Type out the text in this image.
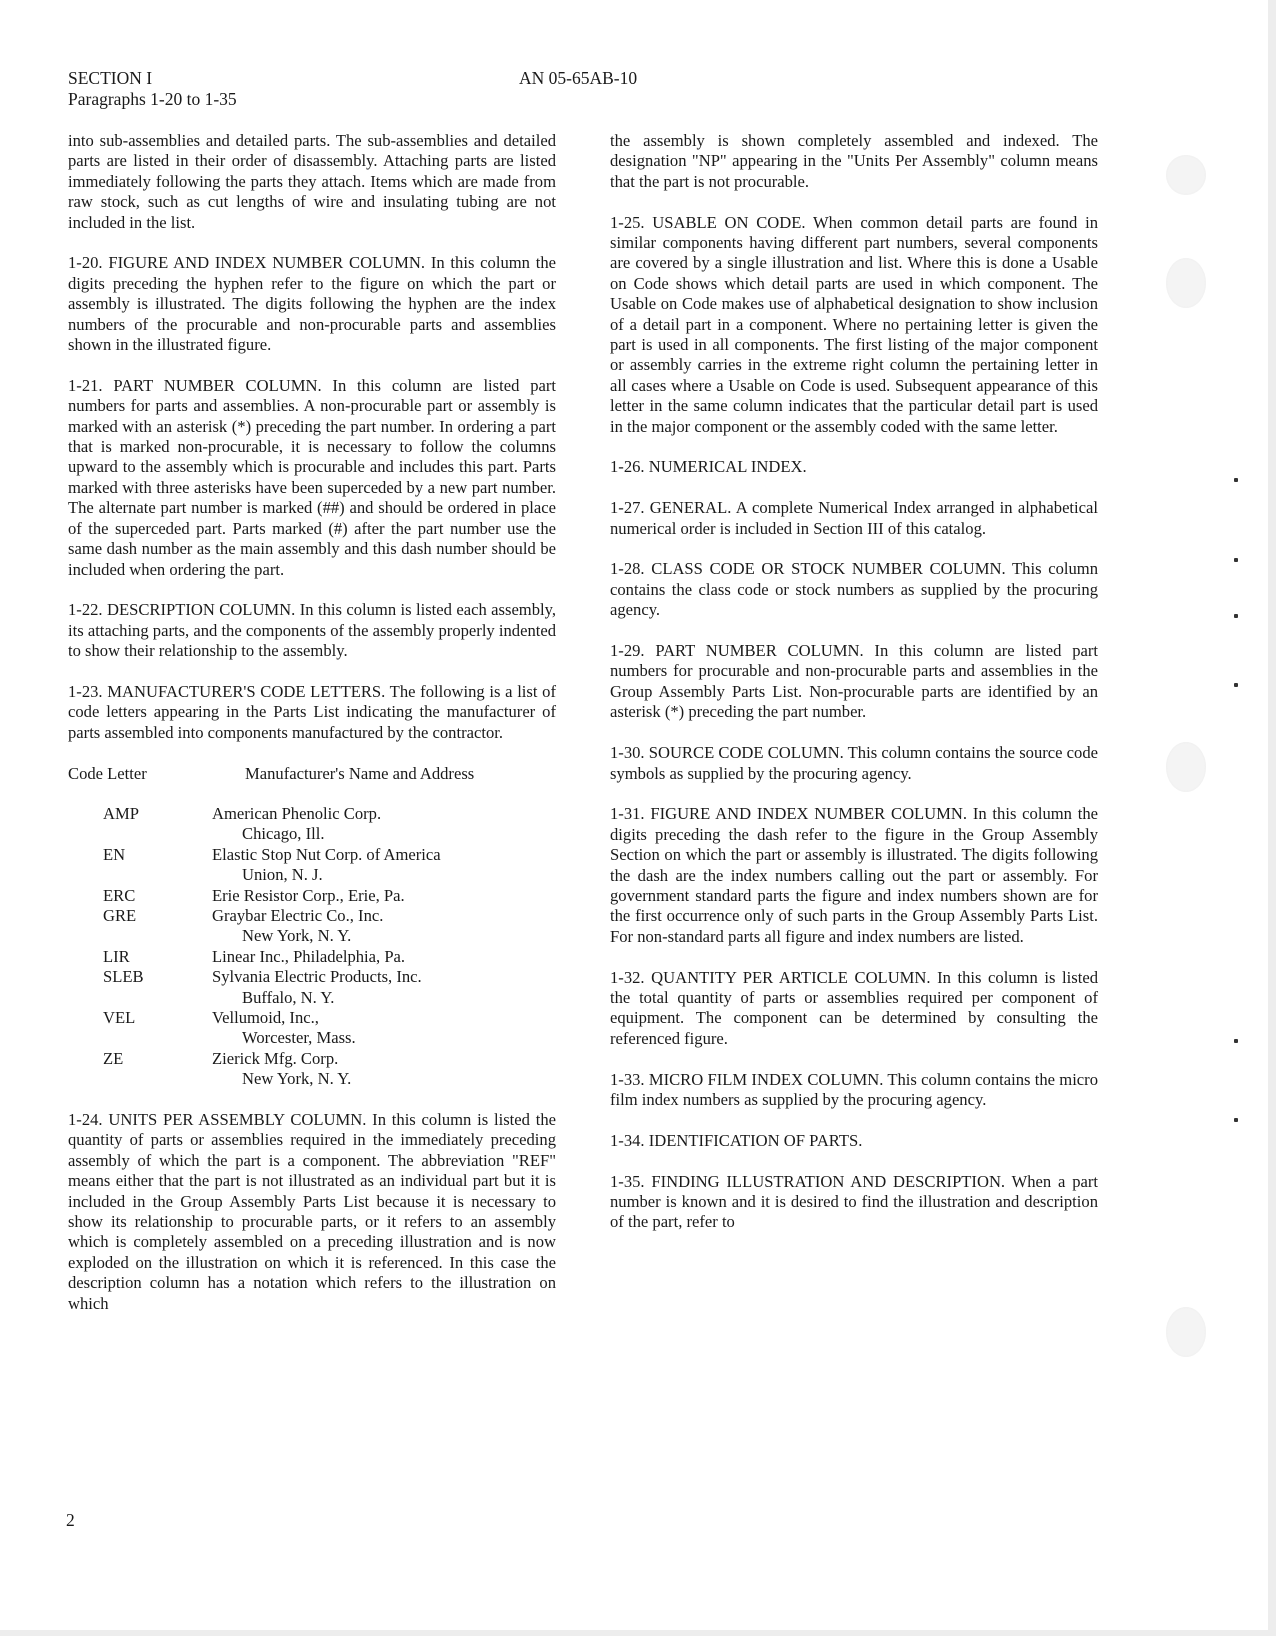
SECTION I
Paragraphs 1-20 to 1-35
AN 05-65AB-10

into sub-assemblies and detailed parts. The sub-assemblies and detailed parts are listed in their order of disassembly. Attaching parts are listed immediately following the parts they attach. Items which are made from raw stock, such as cut lengths of wire and insulating tubing are not included in the list.

1-20. FIGURE AND INDEX NUMBER COLUMN. In this column the digits preceding the hyphen refer to the figure on which the part or assembly is illustrated. The digits following the hyphen are the index numbers of the procurable and non-procurable parts and assemblies shown in the illustrated figure.

1-21. PART NUMBER COLUMN. In this column are listed part numbers for parts and assemblies. A non-procurable part or assembly is marked with an asterisk (*) preceding the part number. In ordering a part that is marked non-procurable, it is necessary to follow the columns upward to the assembly which is procurable and includes this part. Parts marked with three asterisks have been superceded by a new part number. The alternate part number is marked (##) and should be ordered in place of the superceded part. Parts marked (#) after the part number use the same dash number as the main assembly and this dash number should be included when ordering the part.

1-22. DESCRIPTION COLUMN. In this column is listed each assembly, its attaching parts, and the components of the assembly properly indented to show their relationship to the assembly.

1-23. MANUFACTURER'S CODE LETTERS. The following is a list of code letters appearing in the Parts List indicating the manufacturer of parts assembled into components manufactured by the contractor.

Code Letter	Manufacturer's Name and Address
AMP	American Phenolic Corp.
Chicago, Ill.
EN	Elastic Stop Nut Corp. of America
Union, N. J.
ERC	Erie Resistor Corp., Erie, Pa.
GRE	Graybar Electric Co., Inc.
New York, N. Y.
LIR	Linear Inc., Philadelphia, Pa.
SLEB	Sylvania Electric Products, Inc.
Buffalo, N. Y.
VEL	Vellumoid, Inc.,
Worcester, Mass.
ZE	Zierick Mfg. Corp.
New York, N. Y.

1-24. UNITS PER ASSEMBLY COLUMN. In this column is listed the quantity of parts or assemblies required in the immediately preceding assembly of which the part is a component. The abbreviation "REF" means either that the part is not illustrated as an individual part but it is included in the Group Assembly Parts List because it is necessary to show its relationship to procurable parts, or it refers to an assembly which is completely assembled on a preceding illustration and is now exploded on the illustration on which it is referenced. In this case the description column has a notation which refers to the illustration on which

the assembly is shown completely assembled and indexed. The designation "NP" appearing in the "Units Per Assembly" column means that the part is not procurable.

1-25. USABLE ON CODE. When common detail parts are found in similar components having different part numbers, several components are covered by a single illustration and list. Where this is done a Usable on Code shows which detail parts are used in which component. The Usable on Code makes use of alphabetical designation to show inclusion of a detail part in a component. Where no pertaining letter is given the part is used in all components. The first listing of the major component or assembly carries in the extreme right column the pertaining letter in all cases where a Usable on Code is used. Subsequent appearance of this letter in the same column indicates that the particular detail part is used in the major component or the assembly coded with the same letter.

1-26. NUMERICAL INDEX.

1-27. GENERAL. A complete Numerical Index arranged in alphabetical numerical order is included in Section III of this catalog.

1-28. CLASS CODE OR STOCK NUMBER COLUMN. This column contains the class code or stock numbers as supplied by the procuring agency.

1-29. PART NUMBER COLUMN. In this column are listed part numbers for procurable and non-procurable parts and assemblies in the Group Assembly Parts List. Non-procurable parts are identified by an asterisk (*) preceding the part number.

1-30. SOURCE CODE COLUMN. This column contains the source code symbols as supplied by the procuring agency.

1-31. FIGURE AND INDEX NUMBER COLUMN. In this column the digits preceding the dash refer to the figure in the Group Assembly Section on which the part or assembly is illustrated. The digits following the dash are the index numbers calling out the part or assembly. For government standard parts the figure and index numbers shown are for the first occurrence only of such parts in the Group Assembly Parts List. For non-standard parts all figure and index numbers are listed.

1-32. QUANTITY PER ARTICLE COLUMN. In this column is listed the total quantity of parts or assemblies required per component of equipment. The component can be determined by consulting the referenced figure.

1-33. MICRO FILM INDEX COLUMN. This column contains the micro film index numbers as supplied by the procuring agency.

1-34. IDENTIFICATION OF PARTS.

1-35. FINDING ILLUSTRATION AND DESCRIPTION. When a part number is known and it is desired to find the illustration and description of the part, refer to

2
